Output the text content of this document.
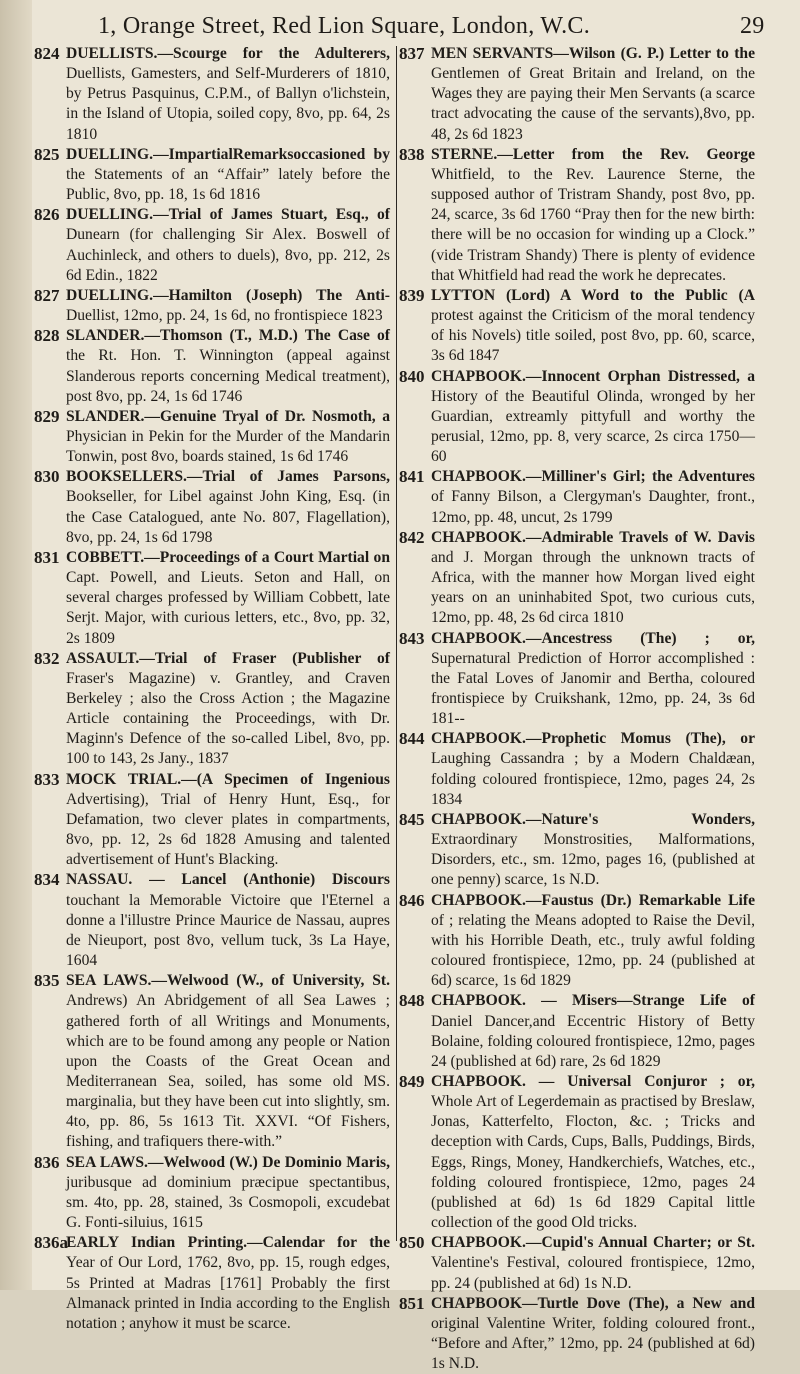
1, Orange Street, Red Lion Square, London, W.C.	29
824 DUELLISTS.—Scourge for the Adulterers, Duellists, Gamesters, and Self-Murderers of 1810, by Petrus Pasquinus, C.P.M., of Ballyn o'lichstein, in the Island of Utopia, soiled copy, 8vo, pp. 64, 2s 1810
825 DUELLING.—ImpartialRemarksoccasioned by the Statements of an “Affair” lately before the Public, 8vo, pp. 18, 1s 6d 1816
826 DUELLING.—Trial of James Stuart, Esq., of Dunearn (for challenging Sir Alex. Boswell of Auchinleck, and others to duels), 8vo, pp. 212, 2s 6d Edin., 1822
827 DUELLING.—Hamilton (Joseph) The Anti-Duellist, 12mo, pp. 24, 1s 6d, no frontispiece 1823
828 SLANDER.—Thomson (T., M.D.) The Case of the Rt. Hon. T. Winnington (appeal against Slanderous reports concerning Medical treatment), post 8vo, pp. 24, 1s 6d 1746
829 SLANDER.—Genuine Tryal of Dr. Nosmoth, a Physician in Pekin for the Murder of the Mandarin Tonwin, post 8vo, boards stained, 1s 6d 1746
830 BOOKSELLERS.—Trial of James Parsons, Bookseller, for Libel against John King, Esq. (in the Case Catalogued, ante No. 807, Flagellation), 8vo, pp. 24, 1s 6d 1798
831 COBBETT.—Proceedings of a Court Martial on Capt. Powell, and Lieuts. Seton and Hall, on several charges professed by William Cobbett, late Serjt. Major, with curious letters, etc., 8vo, pp. 32, 2s 1809
832 ASSAULT.—Trial of Fraser (Publisher of Fraser's Magazine) v. Grantley, and Craven Berkeley ; also the Cross Action ; the Magazine Article containing the Proceedings, with Dr. Maginn's Defence of the so-called Libel, 8vo, pp. 100 to 143, 2s Jany., 1837
833 MOCK TRIAL.—(A Specimen of Ingenious Advertising), Trial of Henry Hunt, Esq., for Defamation, two clever plates in compartments, 8vo, pp. 12, 2s 6d 1828 Amusing and talented advertisement of Hunt's Blacking.
834 NASSAU. — Lancel (Anthonie) Discours touchant la Memorable Victoire que l'Eternel a donne a l'illustre Prince Maurice de Nassau, aupres de Nieuport, post 8vo, vellum tuck, 3s La Haye, 1604
835 SEA LAWS.—Welwood (W., of University, St. Andrews) An Abridgement of all Sea Lawes ; gathered forth of all Writings and Monuments, which are to be found among any people or Nation upon the Coasts of the Great Ocean and Mediterranean Sea, soiled, has some old MS. marginalia, but they have been cut into slightly, sm. 4to, pp. 86, 5s 1613 Tit. XXVI. “Of Fishers, fishing, and trafiquers there-with.”
836 SEA LAWS.—Welwood (W.) De Dominio Maris, juribusque ad dominium præcipue spectantibus, sm. 4to, pp. 28, stained, 3s Cosmopoli, excudebat G. Fonti-siluius, 1615
836a
EARLY Indian Printing.—Calendar for the Year of Our Lord, 1762, 8vo, pp. 15, rough edges, 5s Printed at Madras [1761] Probably the first Almanack printed in India according to the English notation ; anyhow it must be scarce.
837 MEN SERVANTS—Wilson (G. P.) Letter to the Gentlemen of Great Britain and Ireland, on the Wages they are paying their Men Servants (a scarce tract advocating the cause of the servants),8vo, pp. 48, 2s 6d 1823
838 STERNE.—Letter from the Rev. George Whitfield, to the Rev. Laurence Sterne, the supposed author of Tristram Shandy, post 8vo, pp. 24, scarce, 3s 6d 1760 “Pray then for the new birth: there will be no occasion for winding up a Clock.” (vide Tristram Shandy) There is plenty of evidence that Whitfield had read the work he deprecates.
839 LYTTON (Lord) A Word to the Public (A protest against the Criticism of the moral tendency of his Novels) title soiled, post 8vo, pp. 60, scarce, 3s 6d 1847
840 CHAPBOOK.—Innocent Orphan Distressed, a History of the Beautiful Olinda, wronged by her Guardian, extreamly pittyfull and worthy the perusial, 12mo, pp. 8, very scarce, 2s circa 1750—60
841 CHAPBOOK.—Milliner's Girl; the Adventures of Fanny Bilson, a Clergyman's Daughter, front., 12mo, pp. 48, uncut, 2s 1799
842 CHAPBOOK.—Admirable Travels of W. Davis and J. Morgan through the unknown tracts of Africa, with the manner how Morgan lived eight years on an uninhabited Spot, two curious cuts, 12mo, pp. 48, 2s 6d circa 1810
843 CHAPBOOK.—Ancestress (The) ; or, Supernatural Prediction of Horror accomplished : the Fatal Loves of Janomir and Bertha, coloured frontispiece by Cruikshank, 12mo, pp. 24, 3s 6d 181--
844 CHAPBOOK.—Prophetic Momus (The), or Laughing Cassandra ; by a Modern Chaldæan, folding coloured frontispiece, 12mo, pages 24, 2s 1834
845 CHAPBOOK.—Nature's Wonders, Extraordinary Monstrosities, Malformations, Disorders, etc., sm. 12mo, pages 16, (published at one penny) scarce, 1s N.D.
846 CHAPBOOK.—Faustus (Dr.) Remarkable Life of ; relating the Means adopted to Raise the Devil, with his Horrible Death, etc., truly awful folding coloured frontispiece, 12mo, pp. 24 (published at 6d) scarce, 1s 6d 1829
848 CHAPBOOK. — Misers—Strange Life of Daniel Dancer,and Eccentric History of Betty Bolaine, folding coloured frontispiece, 12mo, pages 24 (published at 6d) rare, 2s 6d 1829
849 CHAPBOOK. — Universal Conjuror ; or, Whole Art of Legerdemain as practised by Breslaw, Jonas, Katterfelto, Flocton, &c. ; Tricks and deception with Cards, Cups, Balls, Puddings, Birds, Eggs, Rings, Money, Handkerchiefs, Watches, etc., folding coloured frontispiece, 12mo, pages 24 (published at 6d) 1s 6d 1829 Capital little collection of the good Old tricks.
850 CHAPBOOK.—Cupid's Annual Charter; or St. Valentine's Festival, coloured frontispiece, 12mo, pp. 24 (published at 6d) 1s N.D.
851 CHAPBOOK—Turtle Dove (The), a New and original Valentine Writer, folding coloured front., “Before and After,” 12mo, pp. 24 (published at 6d) 1s N.D.
